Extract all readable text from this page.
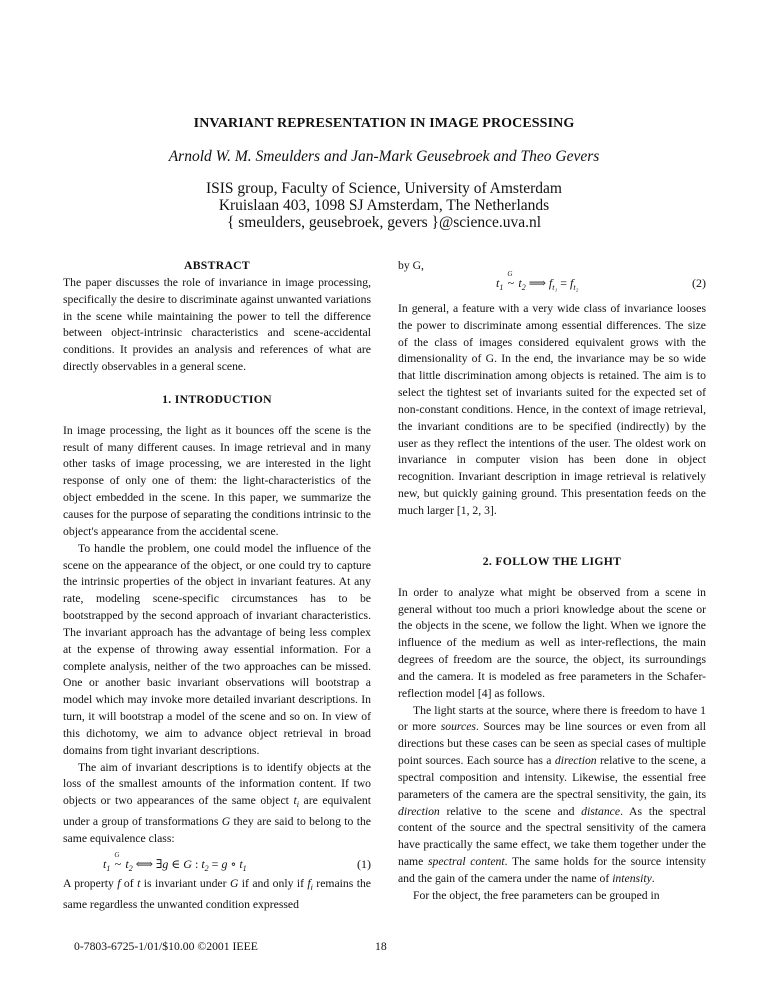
INVARIANT REPRESENTATION IN IMAGE PROCESSING
Arnold W. M. Smeulders and Jan-Mark Geusebroek and Theo Gevers
ISIS group, Faculty of Science, University of Amsterdam
Kruislaan 403, 1098 SJ Amsterdam, The Netherlands
{ smeulders, geusebroek, gevers }@science.uva.nl
ABSTRACT

The paper discusses the role of invariance in image processing, specifically the desire to discriminate against unwanted variations in the scene while maintaining the power to tell the difference between object-intrinsic characteristics and scene-accidental conditions. It provides an analysis and references of what are directly observables in a general scene.

1. INTRODUCTION

In image processing, the light as it bounces off the scene is the result of many different causes. In image retrieval and in many other tasks of image processing, we are interested in the light response of only one of them: the light-characteristics of the object embedded in the scene. In this paper, we summarize the causes for the purpose of separating the conditions intrinsic to the object's appearance from the accidental scene.

To handle the problem, one could model the influence of the scene on the appearance of the object, or one could try to capture the intrinsic properties of the object in invariant features. At any rate, modeling scene-specific circumstances has to be bootstrapped by the second approach of invariant characteristics. The invariant approach has the advantage of being less complex at the expense of throwing away essential information. For a complete analysis, neither of the two approaches can be missed. One or another basic invariant observations will bootstrap a model which may invoke more detailed invariant descriptions. In turn, it will bootstrap a model of the scene and so on. In view of this dichotomy, we aim to advance object retrieval in broad domains from tight invariant descriptions.

The aim of invariant descriptions is to identify objects at the loss of the smallest amounts of the information content. If two objects or two appearances of the same object $t_i$ are equivalent under a group of transformations G they are said to belong to the same equivalence class:

$t_1$ ~
G
$t_2$ ⟺ ∃g ∈ G : $t_2 = g$ ∘ $t_1$	(1)

A property f of t is invariant under G if and only if $f_i$ remains the same regardless the unwanted condition expressed

by G,

$t_1$ ~
G
$t_2$ ⟹ $f_{t_1} = f_{t_2}$	(2)

In general, a feature with a very wide class of invariance looses the power to discriminate among essential differences. The size of the class of images considered equivalent grows with the dimensionality of G. In the end, the invariance may be so wide that little discrimination among objects is retained. The aim is to select the tightest set of invariants suited for the expected set of non-constant conditions. Hence, in the context of image retrieval, the invariant conditions are to be specified (indirectly) by the user as they reflect the intentions of the user. The oldest work on invariance in computer vision has been done in object recognition. Invariant description in image retrieval is relatively new, but quickly gaining ground. This presentation feeds on the much larger [1, 2, 3].

2. FOLLOW THE LIGHT

In order to analyze what might be observed from a scene in general without too much a priori knowledge about the scene or the objects in the scene, we follow the light. When we ignore the influence of the medium as well as inter-reflections, the main degrees of freedom are the source, the object, its surroundings and the camera. It is modeled as free parameters in the Schafer-reflection model [4] as follows.

The light starts at the source, where there is freedom to have 1 or more sources. Sources may be line sources or even from all directions but these cases can be seen as special cases of multiple point sources. Each source has a direction relative to the scene, a spectral composition and intensity. Likewise, the essential free parameters of the camera are the spectral sensitivity, the gain, its direction relative to the scene and distance. As the spectral content of the source and the spectral sensitivity of the camera have practically the same effect, we take them together under the name spectral content. The same holds for the source intensity and the gain of the camera under the name of intensity.

For the object, the free parameters can be grouped in

0-7803-6725-1/01/$10.00 ©2001 IEEE	18
